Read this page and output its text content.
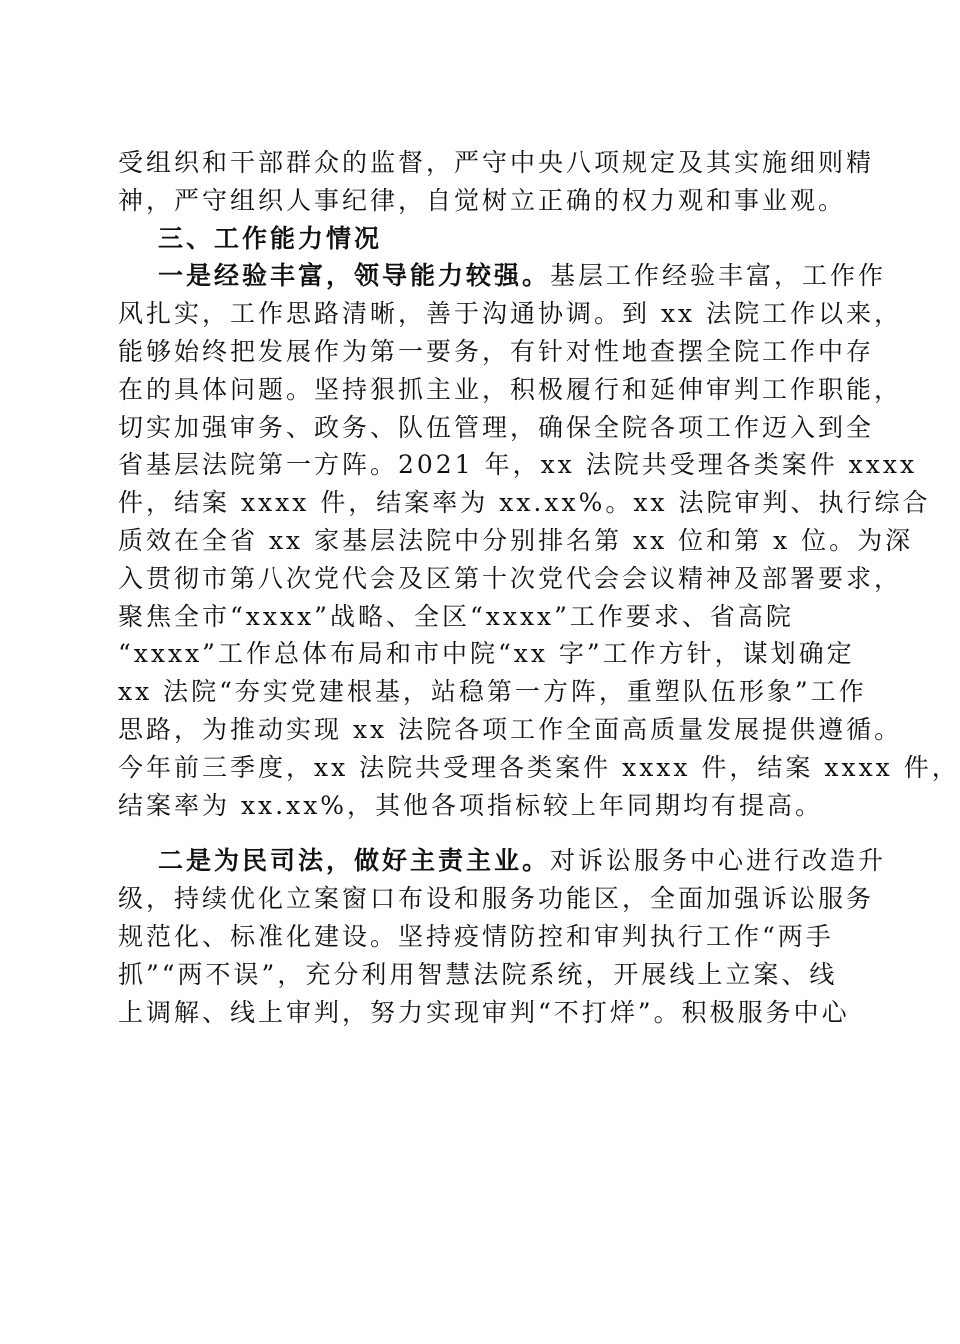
受组织和干部群众的监督，严守中央八项规定及其实施细则精
神，严守组织人事纪律，自觉树立正确的权力观和事业观。
三、工作能力情况
一是经验丰富，领导能力较强。基层工作经验丰富，工作作
风扎实，工作思路清晰，善于沟通协调。到 xx 法院工作以来，
能够始终把发展作为第一要务，有针对性地查摆全院工作中存
在的具体问题。坚持狠抓主业，积极履行和延伸审判工作职能，
切实加强审务、政务、队伍管理，确保全院各项工作迈入到全
省基层法院第一方阵。2021 年，xx 法院共受理各类案件 xxxx
件，结案 xxxx 件，结案率为 xx.xx%。xx 法院审判、执行综合
质效在全省 xx 家基层法院中分别排名第 xx 位和第 x 位。为深
入贯彻市第八次党代会及区第十次党代会会议精神及部署要求，
聚焦全市“xxxx”战略、全区“xxxx”工作要求、省高院
“xxxx”工作总体布局和市中院“xx 字”工作方针，谋划确定
xx 法院“夯实党建根基，站稳第一方阵，重塑队伍形象”工作
思路，为推动实现 xx 法院各项工作全面高质量发展提供遵循。
今年前三季度，xx 法院共受理各类案件 xxxx 件，结案 xxxx 件，
结案率为 xx.xx%，其他各项指标较上年同期均有提高。
二是为民司法，做好主责主业。对诉讼服务中心进行改造升
级，持续优化立案窗口布设和服务功能区，全面加强诉讼服务
规范化、标准化建设。坚持疫情防控和审判执行工作“两手
抓”“两不误”，充分利用智慧法院系统，开展线上立案、线
上调解、线上审判，努力实现审判“不打烊”。积极服务中心
